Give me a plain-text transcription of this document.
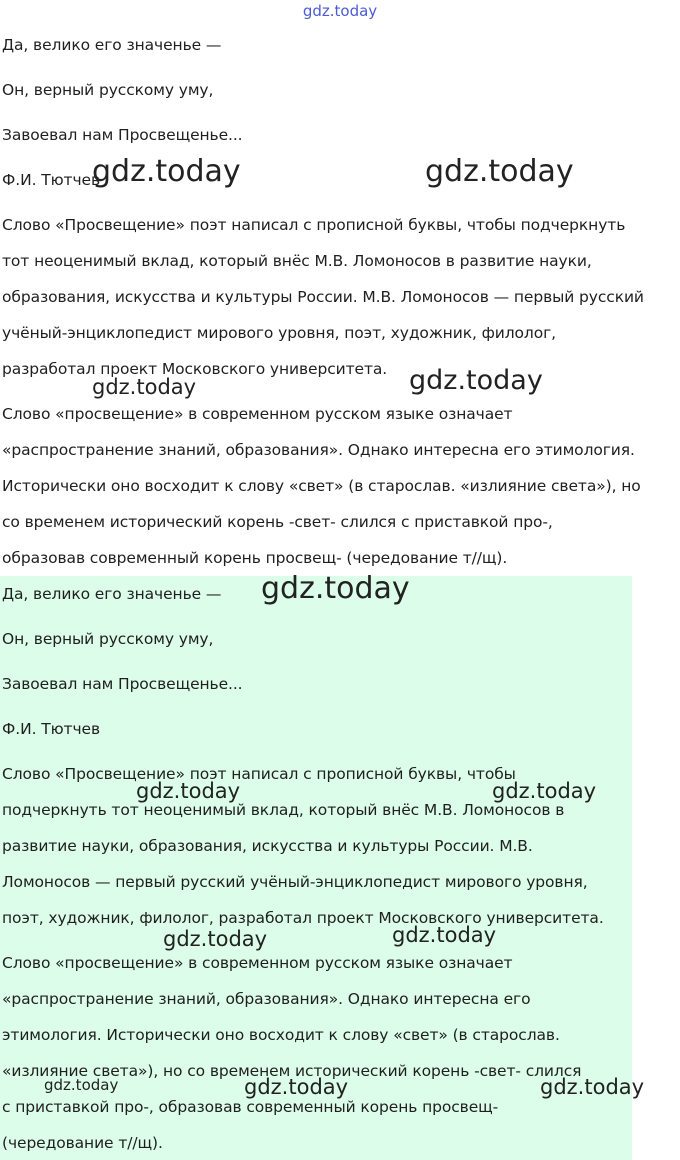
gdz.today

Да, велико его значенье —

Он, верный русскому уму,

Завоевал нам Просвещенье...

Ф.И. Тютчев

Слово «Просвещение» поэт написал с прописной буквы, чтобы подчеркнуть

тот неоценимый вклад, который внёс М.В. Ломоносов в развитие науки,

образования, искусства и культуры России. М.В. Ломоносов — первый русский

учёный-энциклопедист мирового уровня, поэт, художник, филолог,

разработал проект Московского университета.

Слово «просвещение» в современном русском языке означает

«распространение знаний, образования». Однако интересна его этимология.

Исторически оно восходит к слову «свет» (в старослав. «излияние света»), но

со временем исторический корень -свет- слился с приставкой про-,

образовав современный корень просвещ- (чередование т//щ).

Да, велико его значенье —

Он, верный русскому уму,

Завоевал нам Просвещенье...

Ф.И. Тютчев

Слово «Просвещение» поэт написал с прописной буквы, чтобы

подчеркнуть тот неоценимый вклад, который внёс М.В. Ломоносов в

развитие науки, образования, искусства и культуры России. М.В.

Ломоносов — первый русский учёный-энциклопедист мирового уровня,

поэт, художник, филолог, разработал проект Московского университета.

Слово «просвещение» в современном русском языке означает

«распространение знаний, образования». Однако интересна его

этимология. Исторически оно восходит к слову «свет» (в старослав.

«излияние света»), но со временем исторический корень -свет- слился

с приставкой про-, образовав современный корень просвещ-

(чередование т//щ).

gdz.today	gdz.today
gdz.today	gdz.today
gdz.today
gdz.today	gdz.today
gdz.today	gdz.today
gdz.today	gdz.today	gdz.today
